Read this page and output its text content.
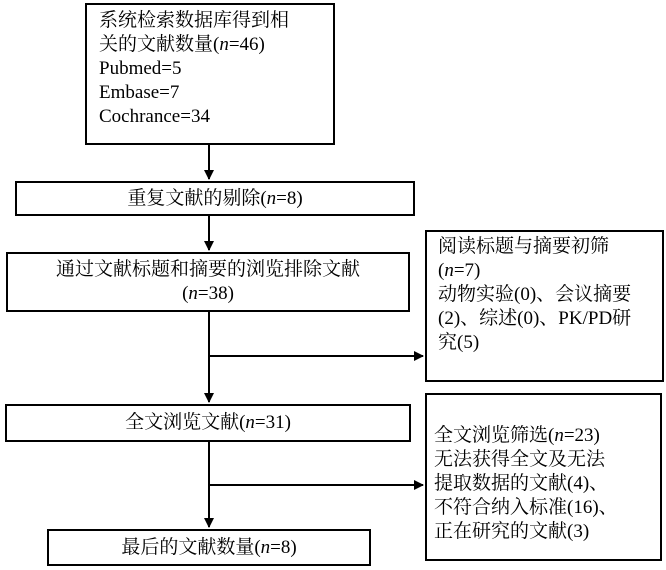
系统检索数据库得到相
关的文献数量(n=46)
Pubmed=5
Embase=7
Cochrance=34
重复文献的剔除(n=8)
通过文献标题和摘要的浏览排除文献
(n=38)
阅读标题与摘要初筛
(n=7)
动物实验(0)、会议摘要
(2)、综述(0)、PK/PD研
究(5)
全文浏览文献(n=31)
全文浏览筛选(n=23)
无法获得全文及无法
提取数据的文献(4)、
不符合纳入标准(16)、
正在研究的文献(3)
最后的文献数量(n=8)
